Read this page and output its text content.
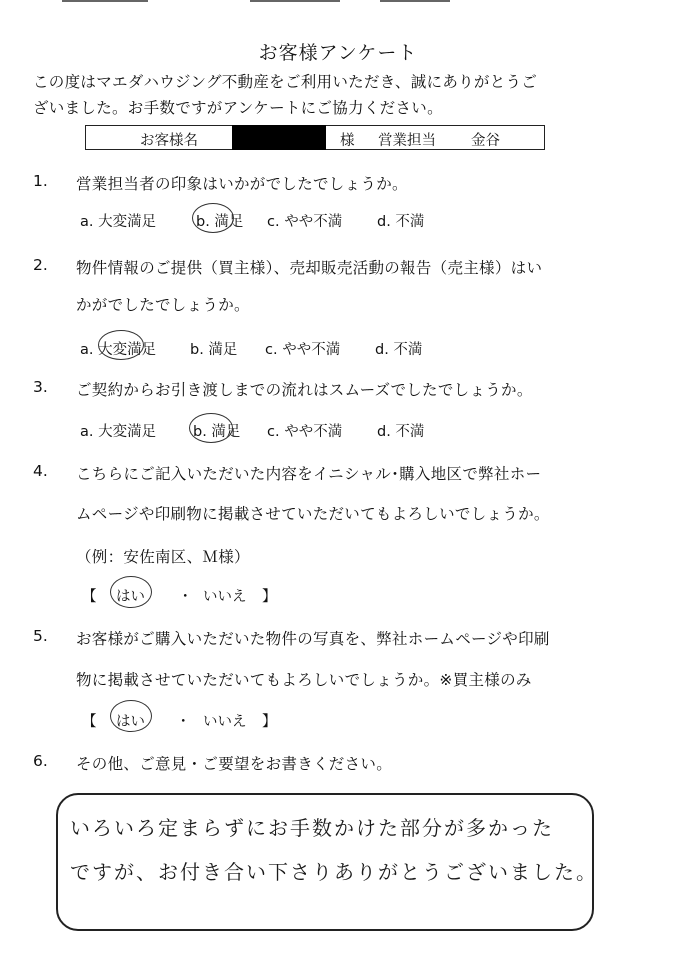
お客様アンケート
この度はマエダハウジング不動産をご利用いただき、誠にありがとうご
ざいました。お手数ですがアンケートにご協力ください。
お客様名	様 営業担当 金谷
1. 営業担当者の印象はいかがでしたでしょうか。
a. 大変満足	b. 満足 c. やや不満 d. 不満
2. 物件情報のご提供（買主様）、売却販売活動の報告（売主様）はい
かがでしたでしょうか。
a. 大変満足 b. 満足 c. やや不満 d. 不満
3. ご契約からお引き渡しまでの流れはスムーズでしたでしょうか。
a. 大変満足	b. 満足 c. やや不満 d. 不満
4. こちらにご記入いただいた内容をイニシャル･購入地区で弊社ホー
ムページや印刷物に掲載させていただいてもよろしいでしょうか。
（例：安佐南区、Ｍ様）
【 はい ・ いいえ 】
5. お客様がご購入いただいた物件の写真を、弊社ホームページや印刷
物に掲載させていただいてもよろしいでしょうか。※買主様のみ
【 はい ・ いいえ 】
6. その他、ご意見・ご要望をお書きください。
いろいろ定まらずにお手数かけた部分が多かった
ですが、お付き合い下さりありがとうございました。
